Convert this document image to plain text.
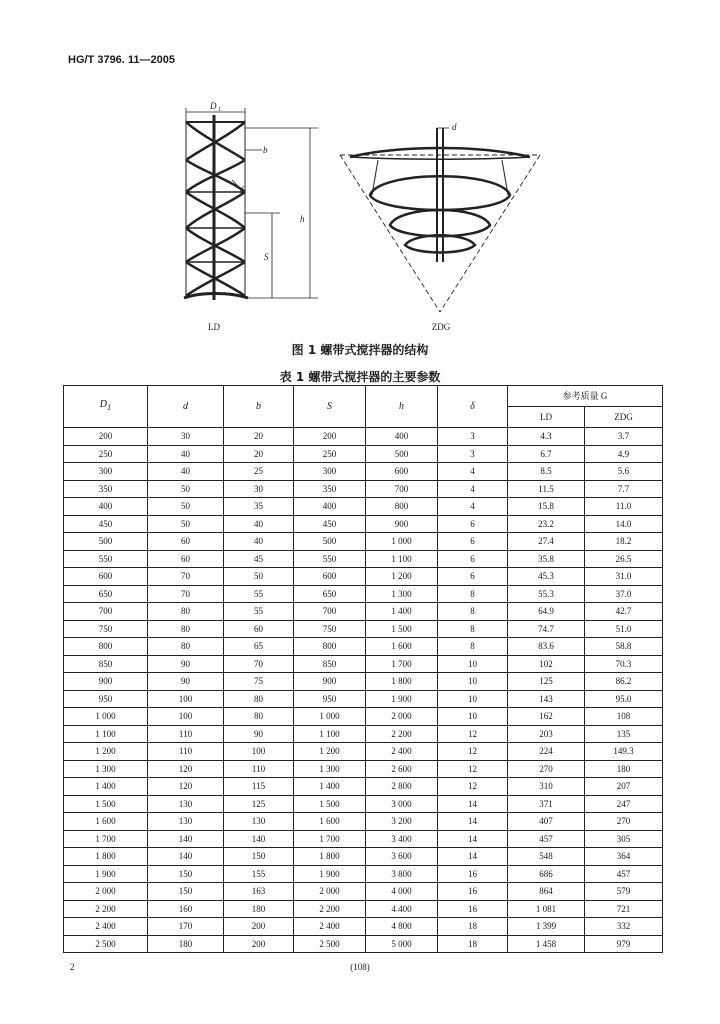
HG/T 3796. 11—2005
D 1
b
δ
S
h
LD
d
ZDG
图 1 螺带式搅拌器的结构
表 1 螺带式搅拌器的主要参数
$D_1$	d	b	S	h	δ	参考质量 G	
						LD	ZDG
200	30	20	200	400	3	4.3	3.7
250	40	20	250	500	3	6.7	4.9
300	40	25	300	600	4	8.5	5.6
350	50	30	350	700	4	11.5	7.7
400	50	35	400	800	4	15.8	11.0
450	50	40	450	900	6	23.2	14.0
500	60	40	500	1 000	6	27.4	18.2
550	60	45	550	1 100	6	35.8	26.5
600	70	50	600	1 200	6	45.3	31.0
650	70	55	650	1 300	8	55.3	37.0
700	80	55	700	1 400	8	64.9	42.7
750	80	60	750	1 500	8	74.7	51.0
800	80	65	800	1 600	8	83.6	58.8
850	90	70	850	1 700	10	102	70.3
900	90	75	900	1 800	10	125	86.2
950	100	80	950	1 900	10	143	95.0
1 000	100	80	1 000	2 000	10	162	108
1 100	110	90	1 100	2 200	12	203	135
1 200	110	100	1 200	2 400	12	224	149.3
1 300	120	110	1 300	2 600	12	270	180
1 400	120	115	1 400	2 800	12	310	207
1 500	130	125	1 500	3 000	14	371	247
1 600	130	130	1 600	3 200	14	407	270
1 700	140	140	1 700	3 400	14	457	305
1 800	140	150	1 800	3 600	14	548	364
1 900	150	155	1 900	3 800	16	686	457
2 000	150	163	2 000	4 000	16	864	579
2 200	160	180	2 200	4 400	16	1 081	721
2 400	170	200	2 400	4 800	18	1 399	332
2 500	180	200	2 500	5 000	18	1 458	979
2	(108)
